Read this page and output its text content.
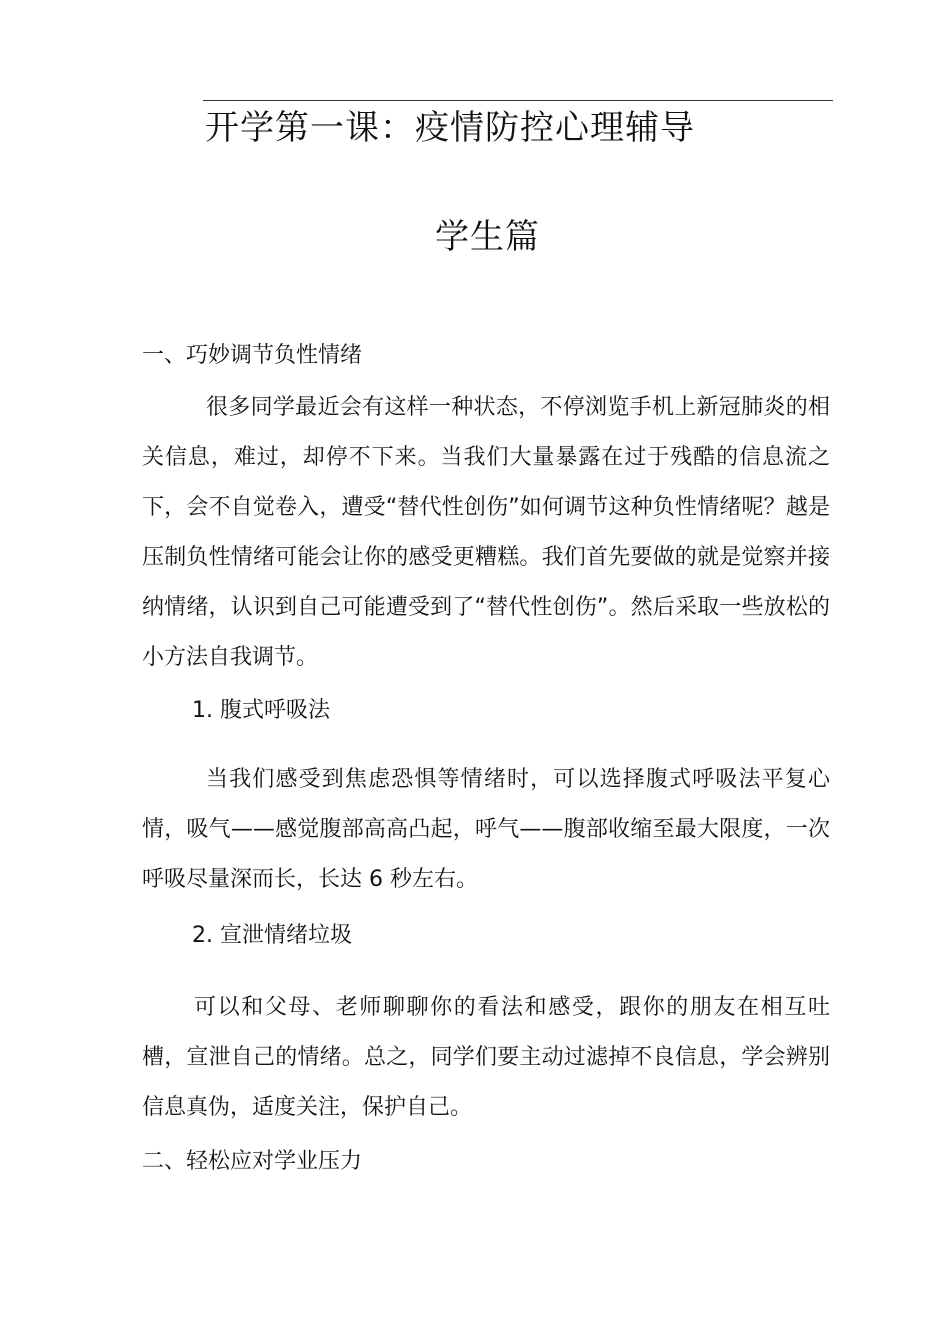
开学第一课：疫情防控心理辅导
学生篇
一、巧妙调节负性情绪

很多同学最近会有这样一种状态，不停浏览手机上新冠肺炎的相关信息，难过，却停不下来。当我们大量暴露在过于残酷的信息流之下，会不自觉卷入，遭受“替代性创伤”如何调节这种负性情绪呢？越是压制负性情绪可能会让你的感受更糟糕。我们首先要做的就是觉察并接纳情绪，认识到自己可能遭受到了“替代性创伤”。然后采取一些放松的小方法自我调节。

1. 腹式呼吸法

当我们感受到焦虑恐惧等情绪时，可以选择腹式呼吸法平复心情，吸气——感觉腹部高高凸起，呼气——腹部收缩至最大限度，一次呼吸尽量深而长，长达 6 秒左右。

2. 宣泄情绪垃圾

可以和父母、老师聊聊你的看法和感受，跟你的朋友在相互吐槽，宣泄自己的情绪。总之，同学们要主动过滤掉不良信息，学会辨别信息真伪，适度关注，保护自己。

二、轻松应对学业压力
